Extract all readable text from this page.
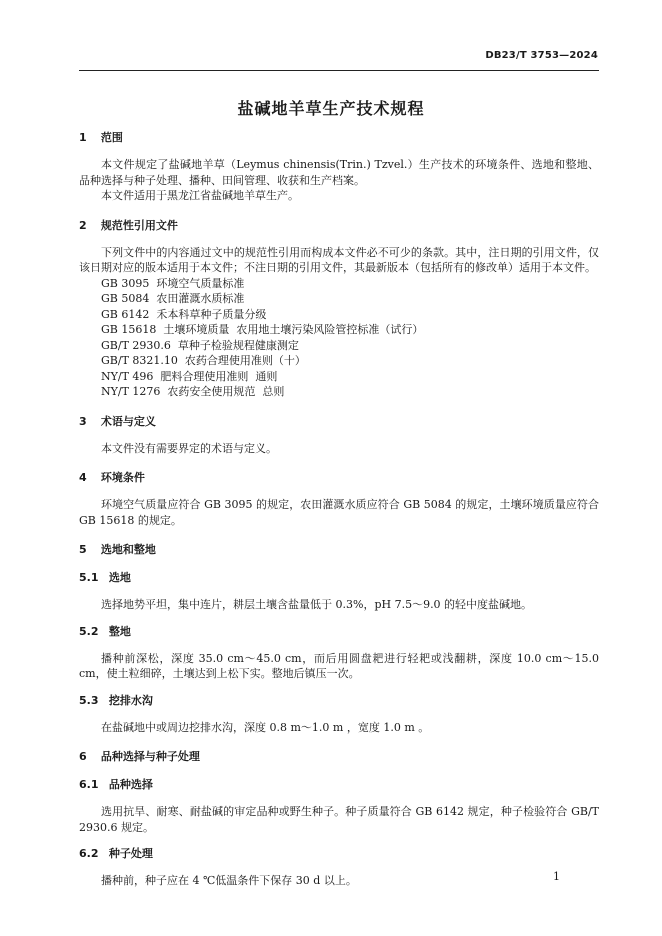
DB23/T 3753—2024
盐碱地羊草生产技术规程
1 范围

本文件规定了盐碱地羊草（Leymus chinensis(Trin.) Tzvel.）生产技术的环境条件、选地和整地、品种选择与种子处理、播种、田间管理、收获和生产档案。

本文件适用于黑龙江省盐碱地羊草生产。

2 规范性引用文件

下列文件中的内容通过文中的规范性引用而构成本文件必不可少的条款。其中，注日期的引用文件，仅该日期对应的版本适用于本文件；不注日期的引用文件，其最新版本（包括所有的修改单）适用于本文件。

GB 3095  环境空气质量标准

GB 5084  农田灌溉水质标准

GB 6142  禾本科草种子质量分级

GB 15618  土壤环境质量  农用地土壤污染风险管控标准（试行）

GB/T 2930.6  草种子检验规程健康测定

GB/T 8321.10  农药合理使用准则（十）

NY/T 496  肥料合理使用准则  通则

NY/T 1276  农药安全使用规范  总则

3 术语与定义

本文件没有需要界定的术语与定义。

4 环境条件

环境空气质量应符合 GB 3095 的规定，农田灌溉水质应符合 GB 5084 的规定，土壤环境质量应符合 GB 15618 的规定。

5 选地和整地
5.1 选地

选择地势平坦，集中连片，耕层土壤含盐量低于 0.3%，pH 7.5～9.0 的轻中度盐碱地。

5.2 整地

播种前深松，深度 35.0 cm～45.0 cm，而后用圆盘耙进行轻耙或浅翻耕，深度 10.0 cm～15.0 cm，使土粒细碎，土壤达到上松下实。整地后镇压一次。

5.3 挖排水沟

在盐碱地中或周边挖排水沟，深度 0.8 m～1.0 m ，宽度 1.0 m 。

6 品种选择与种子处理
6.1 品种选择

选用抗旱、耐寒、耐盐碱的审定品种或野生种子。种子质量符合 GB 6142 规定，种子检验符合 GB/T 2930.6 规定。

6.2 种子处理

播种前，种子应在 4 ℃低温条件下保存 30 d 以上。	1
